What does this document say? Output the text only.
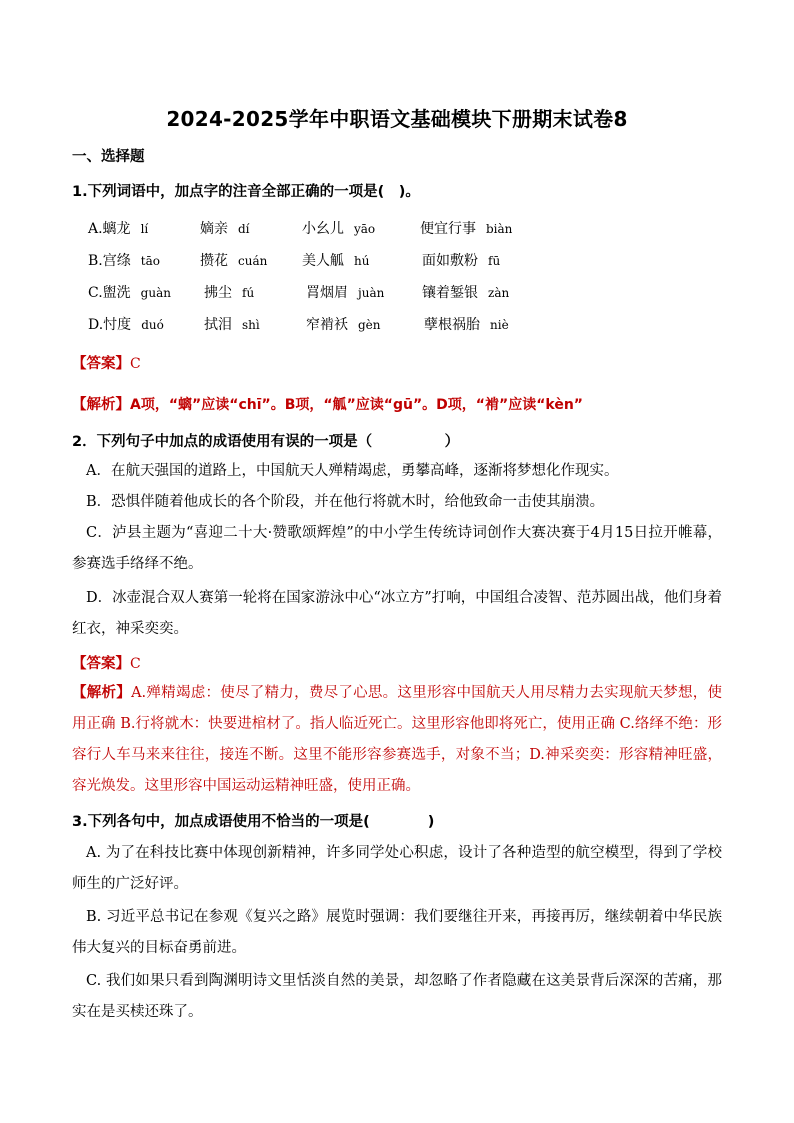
2024-2025学年中职语文基础模块下册期末试卷8
一、选择题
1.下列词语中，加点字的注音全部正确的一项是(　)。
A.螭龙 lí	嫡亲 dí	小幺儿 yāo	便宜行事 biàn
B.宫绦 tāo	攒花 cuán 美人觚 hú	面如敷粉 fū
C.盥洗 guàn 拂尘 fú	罥烟眉 juàn	镶着錾银 zàn
D.忖度 duó	拭泪 shì	窄褃袄 gèn	孽根祸胎 niè
【答案】C
【解析】A项，“螭”应读“chī”。B项，“觚”应读“gū”。D项，“褃”应读“kèn”
2．下列句子中加点的成语使用有误的一项是（　　　　　）
A．在航天强国的道路上，中国航天人殚精竭虑，勇攀高峰，逐渐将梦想化作现实。
B．恐惧伴随着他成长的各个阶段，并在他行将就木时，给他致命一击使其崩溃。
C．泸县主题为“喜迎二十大·赞歌颂辉煌”的中小学生传统诗词创作大赛决赛于4月15日拉开帷幕，参赛选手络绎不绝。
D．冰壶混合双人赛第一轮将在国家游泳中心“冰立方”打响，中国组合凌智、范苏圆出战，他们身着红衣，神采奕奕。
【答案】C
【解析】A.殚精竭虑：使尽了精力，费尽了心思。这里形容中国航天人用尽精力去实现航天梦想，使用正确 B.行将就木：快要进棺材了。指人临近死亡。这里形容他即将死亡，使用正确 C.络绎不绝：形容行人车马来来往往，接连不断。这里不能形容参赛选手，对象不当；D.神采奕奕：形容精神旺盛，容光焕发。这里形容中国运动运精神旺盛，使用正确。
3.下列各句中，加点成语使用不恰当的一项是(　　　　)
A. 为了在科技比赛中体现创新精神，许多同学处心积虑，设计了各种造型的航空模型，得到了学校师生的广泛好评。
B. 习近平总书记在参观《复兴之路》展览时强调：我们要继往开来，再接再厉，继续朝着中华民族伟大复兴的目标奋勇前进。
C. 我们如果只看到陶渊明诗文里恬淡自然的美景，却忽略了作者隐藏在这美景背后深深的苦痛，那实在是买椟还珠了。
